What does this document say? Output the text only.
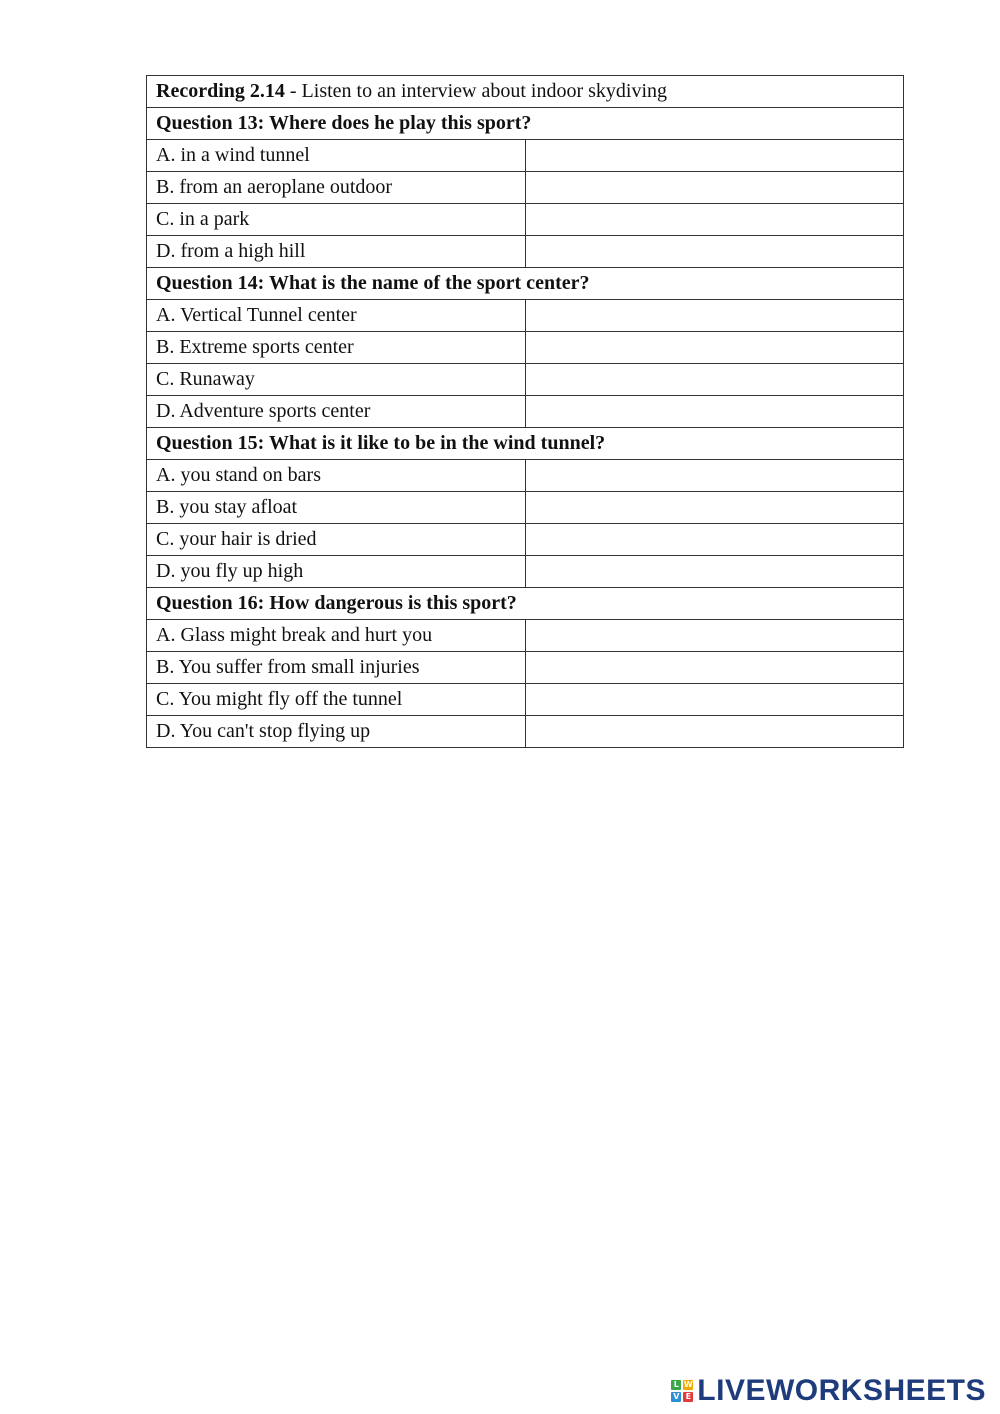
Recording 2.14 - Listen to an interview about indoor skydiving	
Question 13: Where does he play this sport?	
A. in a wind tunnel	
B. from an aeroplane outdoor	
C. in a park	
D. from a high hill	
Question 14: What is the name of the sport center?	
A. Vertical Tunnel center	
B. Extreme sports center	
C. Runaway	
D. Adventure sports center	
Question 15: What is it like to be in the wind tunnel?	
A. you stand on bars	
B. you stay afloat	
C. your hair is dried	
D. you fly up high	
Question 16: How dangerous is this sport?	
A. Glass might break and hurt you	
B. You suffer from small injuries	
C. You might fly off the tunnel	
D. You can't stop flying up	
L W
V E LIVEWORKSHEETS
